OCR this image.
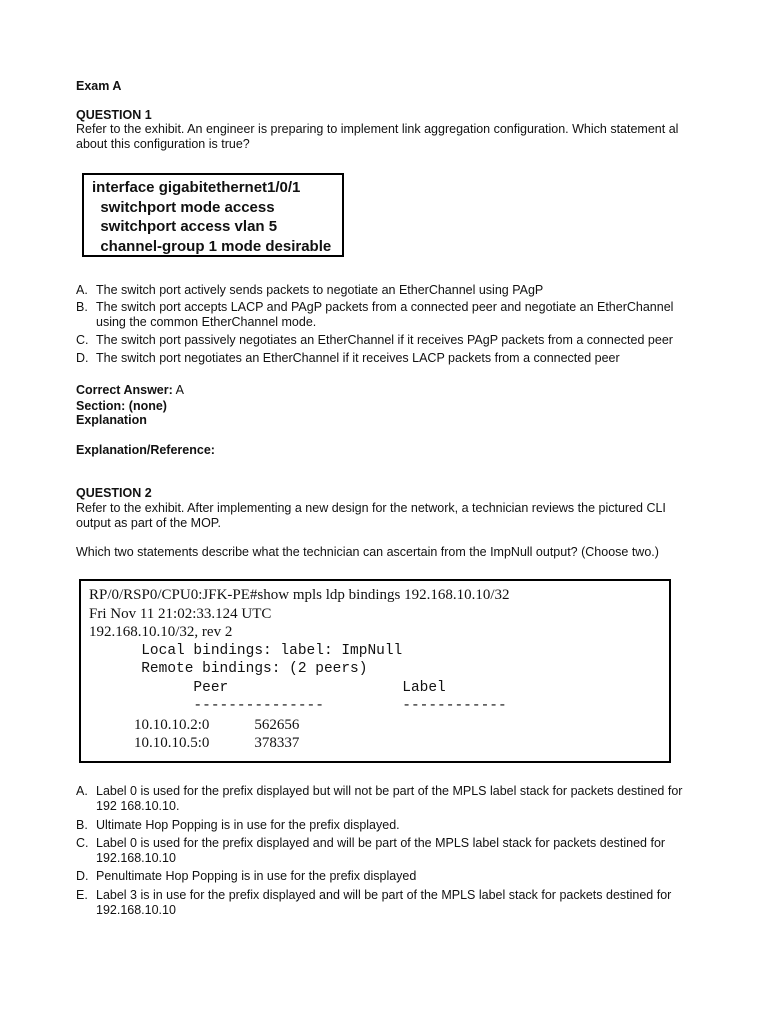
Exam A
QUESTION 1
Refer to the exhibit. An engineer is preparing to implement link aggregation configuration. Which statement al about this configuration is true?
interface gigabitethernet1/0/1
switchport mode access
switchport access vlan 5
channel-group 1 mode desirable
A. The switch port actively sends packets to negotiate an EtherChannel using PAgP
B. The switch port accepts LACP and PAgP packets from a connected peer and negotiate an EtherChannel using the common EtherChannel mode.
C. The switch port passively negotiates an EtherChannel if it receives PAgP packets from a connected peer
D. The switch port negotiates an EtherChannel if it receives LACP packets from a connected peer
Correct Answer: A
Section: (none)
Explanation
Explanation/Reference:
QUESTION 2
Refer to the exhibit. After implementing a new design for the network, a technician reviews the pictured CLI output as part of the MOP.
Which two statements describe what the technician can ascertain from the ImpNull output? (Choose two.)
RP/0/RSP0/CPU0:JFK-PE#show mpls ldp bindings 192.168.10.10/32
Fri Nov 11 21:02:33.124 UTC
192.168.10.10/32, rev 2
Local bindings: label: ImpNull
Remote bindings: (2 peers)
Peer                    Label
---------------         ------------
10.10.10.2:0            562656
10.10.10.5:0            378337
A. Label 0 is used for the prefix displayed but will not be part of the MPLS label stack for packets destined for 192 168.10.10.
B. Ultimate Hop Popping is in use for the prefix displayed.
C. Label 0 is used for the prefix displayed and will be part of the MPLS label stack for packets destined for 192.168.10.10
D. Penultimate Hop Popping is in use for the prefix displayed
E. Label 3 is in use for the prefix displayed and will be part of the MPLS label stack for packets destined for 192.168.10.10
